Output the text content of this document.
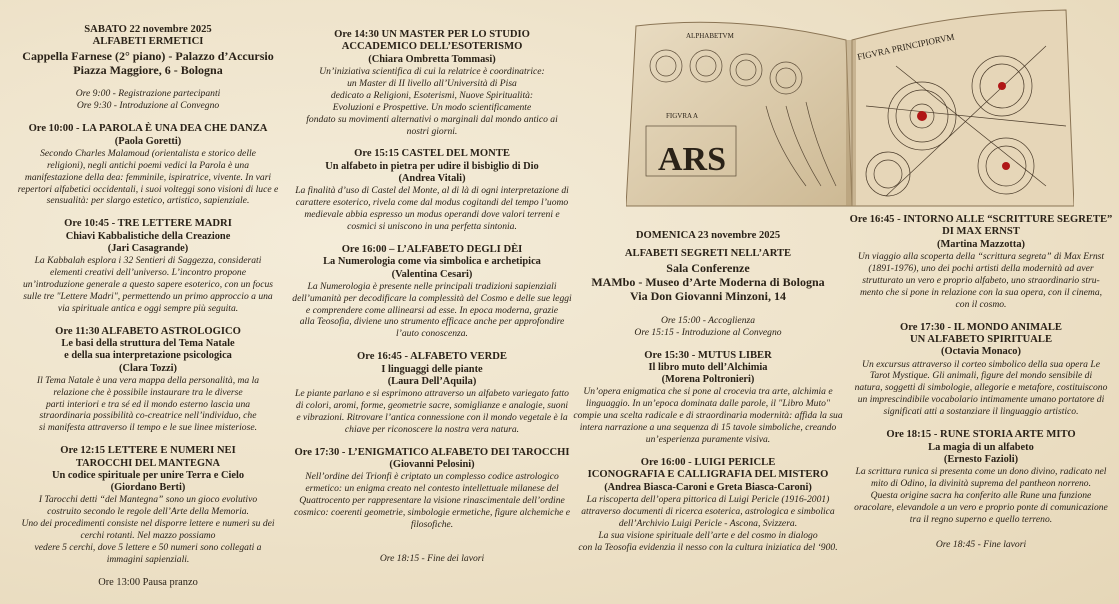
SABATO 22 novembre 2025

ALFABETI ERMETICI

Cappella Farnese (2° piano) - Palazzo d’Accursio

Piazza Maggiore, 6 - Bologna

Ore 9:00 - Registrazione partecipanti

Ore 9:30 - Introduzione al Convegno

Ore 10:00 - LA PAROLA È UNA DEA CHE DANZA

(Paola Goretti)

Secondo Charles Malamoud (orientalista e storico delle

religioni), negli antichi poemi vedici la Parola è una

manifestazione della dea: femminile, ispiratrice, vivente. In vari

repertori alfabetici occidentali, i suoi volteggi sono visioni di luce e

sensualità: per slargo estetico, artistico, sapienziale.

Ore 10:45 - TRE LETTERE MADRI

Chiavi Kabbalistiche della Creazione

(Jari Casagrande)

La Kabbalah esplora i 32 Sentieri di Saggezza, considerati

elementi creativi dell’universo. L’incontro propone

un’introduzione generale a questo sapere esoterico, con un focus

sulle tre "Lettere Madri", permettendo un primo approccio a una

via spirituale antica e oggi sempre più seguita.

Ore 11:30 ALFABETO ASTROLOGICO

Le basi della struttura del Tema Natale

e della sua interpretazione psicologica

(Clara Tozzi)

Il Tema Natale è una vera mappa della personalità, ma la

relazione che è possibile instaurare tra le diverse

parti interiori e tra sé ed il mondo esterno lascia una

straordinaria possibilità co-creatrice nell’individuo, che

si manifesta attraverso il tempo e le sue linee misteriose.

Ore 12:15 LETTERE E NUMERI NEI

TAROCCHI DEL MANTEGNA

Un codice spirituale per unire Terra e Cielo

(Giordano Berti)

I Tarocchi detti “del Mantegna” sono un gioco evolutivo

costruito secondo le regole dell’Arte della Memoria.

Uno dei procedimenti consiste nel disporre lettere e numeri su dei

cerchi rotanti. Nel mazzo possiamo

vedere 5 cerchi, dove 5 lettere e 50 numeri sono collegati a

immagini sapienziali.

Ore 13:00 Pausa pranzo

Ore 14:30 UN MASTER PER LO STUDIO

ACCADEMICO DELL’ESOTERISMO

(Chiara Ombretta Tommasi)

Un’iniziativa scientifica di cui la relatrice è coordinatrice:

un Master di II livello all’Università di Pisa

dedicato a Religioni, Esoterismi, Nuove Spiritualità:

Evoluzioni e Prospettive. Un modo scientificamente

fondato su movimenti alternativi o marginali dal mondo antico ai

nostri giorni.

Ore 15:15 CASTEL DEL MONTE

Un alfabeto in pietra per udire il bisbiglio di Dio

(Andrea Vitali)

La finalità d’uso di Castel del Monte, al di là di ogni interpretazione di

carattere esoterico, rivela come dal modus cogitandi del tempo l’uomo

medievale abbia espresso un modus operandi dove valori terreni e

cosmici si uniscono in una perfetta sintonia.

Ore 16:00 – L’ALFABETO DEGLI DÈI

La Numerologia come via simbolica e archetipica

(Valentina Cesari)

La Numerologia è presente nelle principali tradizioni sapienziali

dell’umanità per decodificare la complessità del Cosmo e delle sue leggi

e comprendere come allinearsi ad esse. In epoca moderna, grazie

alla Teosofia, diviene uno strumento efficace anche per approfondire

l’auto conoscenza.

Ore 16:45 - ALFABETO VERDE

I linguaggi delle piante

(Laura Dell’Aquila)

Le piante parlano e si esprimono attraverso un alfabeto variegato fatto

di colori, aromi, forme, geometrie sacre, somiglianze e analogie, suoni

e vibrazioni. Ritrovare l’antica connessione con il mondo vegetale è la

chiave per riconoscere la nostra vera natura.

Ore 17:30 - L’ENIGMATICO ALFABETO DEI TAROCCHI

(Giovanni Pelosini)

Nell’ordine dei Trionfi è criptato un complesso codice astrologico

ermetico: un enigma creato nel contesto intellettuale milanese del

Quattrocento per rappresentare la visione rinascimentale dell’ordine

cosmico: coerenti geometrie, simbologie ermetiche, figure alchemiche e

filosofiche.

Ore 18:15 - Fine dei lavori

ARS
FIGVRA A
ALPHABETVM	FIGVRA PRINCIPIORVM

DOMENICA 23 novembre 2025

ALFABETI SEGRETI NELL’ARTE

Sala Conferenze

MAMbo - Museo d’Arte Moderna di Bologna

Via Don Giovanni Minzoni, 14

Ore 15:00 - Accoglienza

Ore 15:15 - Introduzione al Convegno

Ore 15:30 - MUTUS LIBER

Il libro muto dell’Alchimia

(Morena Poltronieri)

Un’opera enigmatica che si pone al crocevia tra arte, alchimia e

linguaggio. In un’epoca dominata dalle parole, il "Libro Muto"

compie una scelta radicale e di straordinaria modernità: affida la sua

intera narrazione a una sequenza di 15 tavole simboliche, creando

un’esperienza puramente visiva.

Ore 16:00 - LUIGI PERICLE

ICONOGRAFIA E CALLIGRAFIA DEL MISTERO

(Andrea Biasca-Caroni e Greta Biasca-Caroni)

La riscoperta dell’opera pittorica di Luigi Pericle (1916-2001)

attraverso documenti di ricerca esoterica, astrologica e simbolica

dell’Archivio Luigi Pericle - Ascona, Svizzera.

La sua visione spirituale dell’arte e del cosmo in dialogo

con la Teosofia evidenzia il nesso con la cultura iniziatica del ‘900.

Ore 16:45 - INTORNO ALLE “SCRITTURE SEGRETE”

DI MAX ERNST

(Martina Mazzotta)

Un viaggio alla scoperta della “scrittura segreta” di Max Ernst

(1891-1976), uno dei pochi artisti della modernità ad aver

strutturato un vero e proprio alfabeto, uno straordinario stru-

mento che si pone in relazione con la sua opera, con il cinema,

con il cosmo.

Ore 17:30 - IL MONDO ANIMALE

UN ALFABETO SPIRITUALE

(Octavia Monaco)

Un excursus attraverso il corteo simbolico della sua opera Le

Tarot Mystique. Gli animali, figure del mondo sensibile di

natura, soggetti di simbologie, allegorie e metafore, costituiscono

un imprescindibile vocabolario intimamente umano portatore di

significati atti a sostanziare il linguaggio artistico.

Ore 18:15 - RUNE STORIA ARTE MITO

La magia di un alfabeto

(Ernesto Fazioli)

La scrittura runica si presenta come un dono divino, radicato nel

mito di Odino, la divinità suprema del pantheon norreno.

Questa origine sacra ha conferito alle Rune una funzione

oracolare, elevandole a un vero e proprio ponte di comunicazione

tra il regno superno e quello terreno.

Ore 18:45 - Fine lavori
